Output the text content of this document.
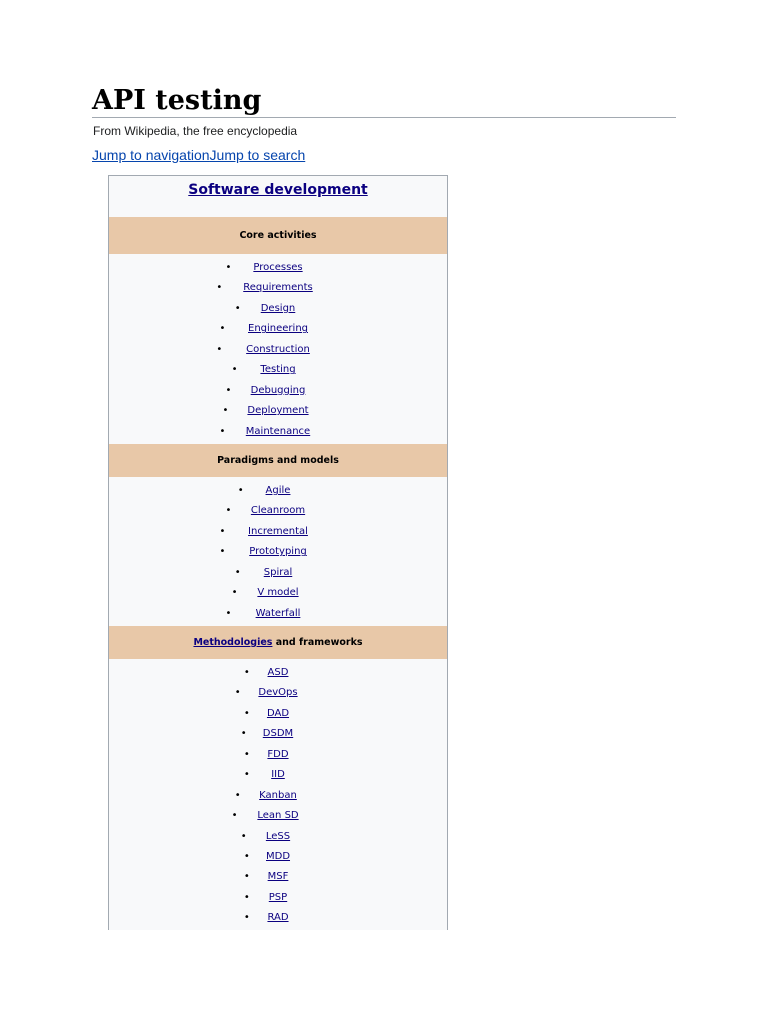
API testing
From Wikipedia, the free encyclopedia
Jump to navigationJump to search
Software development
Core activities
• Processes
• Requirements
• Design
• Engineering
• Construction
• Testing
• Debugging
• Deployment
• Maintenance
Paradigms and models
• Agile
• Cleanroom
• Incremental
• Prototyping
• Spiral
• V model
• Waterfall
Methodologies and frameworks
• ASD
• DevOps
• DAD
• DSDM
• FDD
• IID
• Kanban
• Lean SD
• LeSS
• MDD
• MSF
• PSP
• RAD
